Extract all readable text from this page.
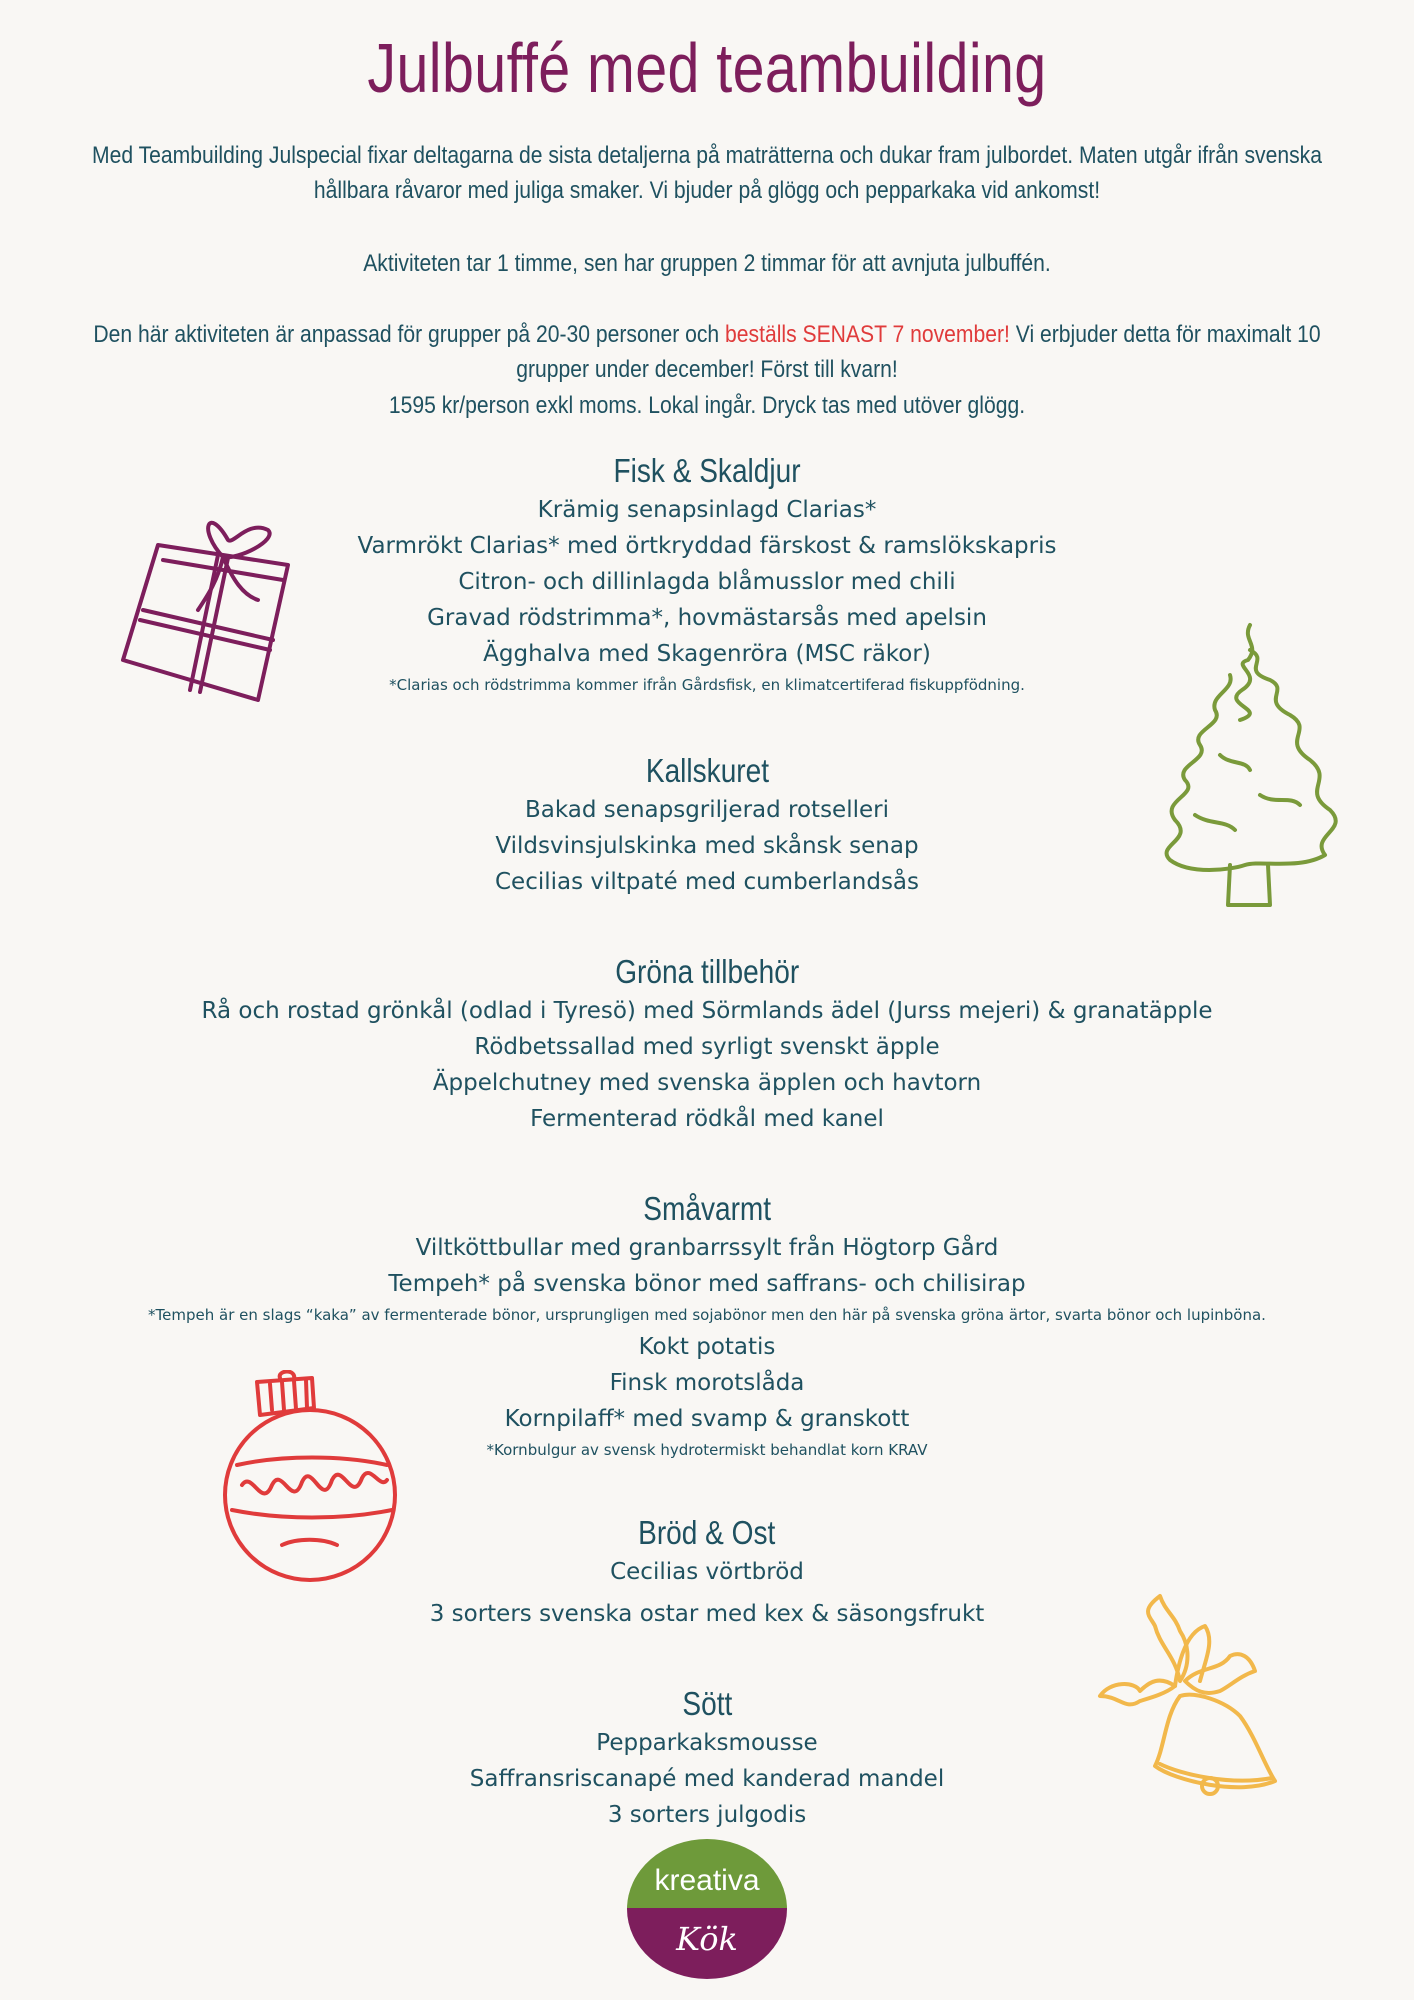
Julbuffé med teambuilding
Med Teambuilding Julspecial fixar deltagarna de sista detaljerna på maträtterna och dukar fram julbordet. Maten utgår ifrån svenska hållbara råvaror med juliga smaker. Vi bjuder på glögg och pepparkaka vid ankomst!
Aktiviteten tar 1 timme, sen har gruppen 2 timmar för att avnjuta julbuffén.
Den här aktiviteten är anpassad för grupper på 20-30 personer och beställs SENAST 7 november! Vi erbjuder detta för maximalt 10 grupper under december! Först till kvarn!
1595 kr/person exkl moms. Lokal ingår. Dryck tas med utöver glögg.
Fisk & Skaldjur
Krämig senapsinlagd Clarias*
Varmrökt Clarias* med örtkryddad färskost & ramslökskapris
Citron- och dillinlagda blåmusslor med chili
Gravad rödstrimma*, hovmästarsås med apelsin
Ägghalva med Skagenröra (MSC räkor)
*Clarias och rödstrimma kommer ifrån Gårdsfisk, en klimatcertiferad fiskuppfödning.
Kallskuret
Bakad senapsgriljerad rotselleri
Vildsvinsjulskinka med skånsk senap
Cecilias viltpaté med cumberlandsås
Gröna tillbehör
Rå och rostad grönkål (odlad i Tyresö) med Sörmlands ädel (Jurss mejeri) & granatäpple
Rödbetssallad med syrligt svenskt äpple
Äppelchutney med svenska äpplen och havtorn
Fermenterad rödkål med kanel
Småvarmt
Viltköttbullar med granbarrssylt från Högtorp Gård
Tempeh* på svenska bönor med saffrans- och chilisirap
*Tempeh är en slags “kaka” av fermenterade bönor, ursprungligen med sojabönor men den här på svenska gröna ärtor, svarta bönor och lupinböna.
Kokt potatis
Finsk morotslåda
Kornpilaff* med svamp & granskott
*Kornbulgur av svensk hydrotermiskt behandlat korn KRAV
Bröd & Ost
Cecilias vörtbröd
3 sorters svenska ostar med kex & säsongsfrukt
Sött
Pepparkaksmousse
Saffransriscanapé med kanderad mandel
3 sorters julgodis
kreativa
Kök
